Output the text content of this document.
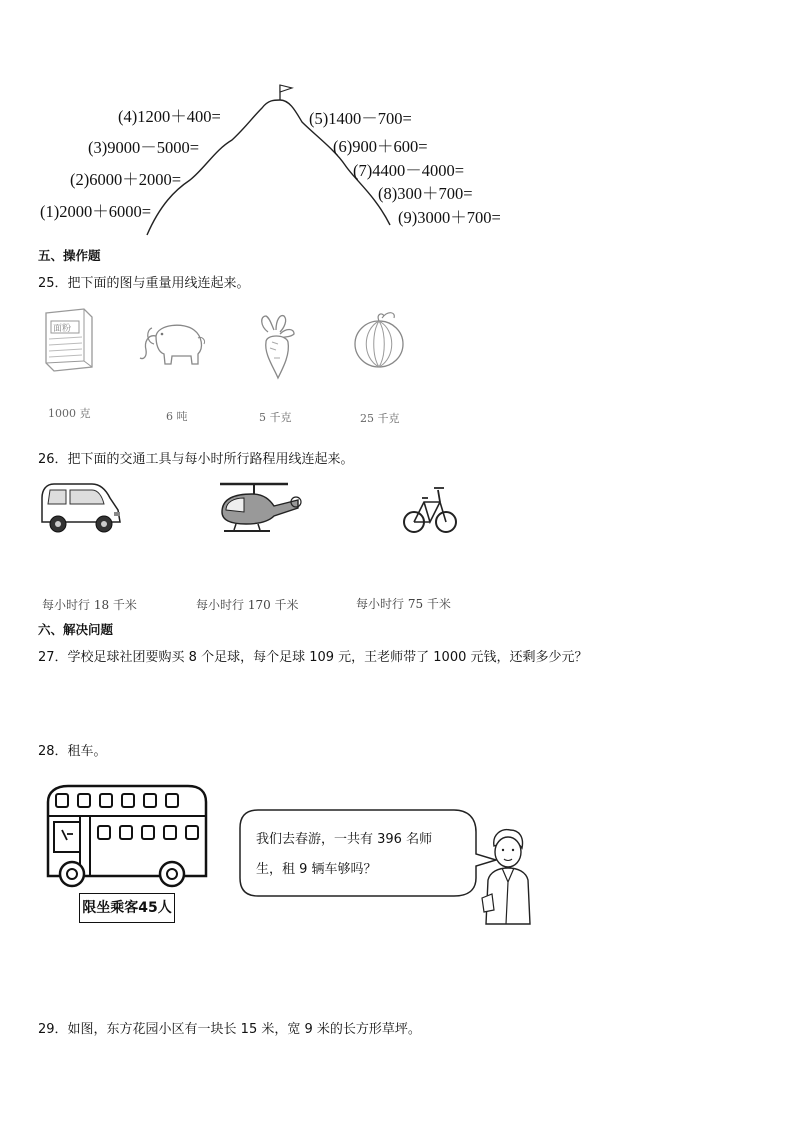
(1)2000＋6000=
(2)6000＋2000=
(3)9000－5000=
(4)1200＋400=	(5)1400－700=
(6)900＋600=
(7)4400－4000=
(8)300＋700=
(9)3000＋700=
五、操作题
25．把下面的图与重量用线连起来。
面粉
1000 克	6 吨	5 千克	25 千克
26．把下面的交通工具与每小时所行路程用线连起来。
每小时行 18 千米	每小时行 170 千米	每小时行 75 千米
六、解决问题
27．学校足球社团要购买 8 个足球，每个足球 109 元，王老师带了 1000 元钱，还剩多少元？
28．租车。
限坐乘客45人
我们去春游，一共有 396 名师
生，租 9 辆车够吗？
29．如图，东方花园小区有一块长 15 米，宽 9 米的长方形草坪。
